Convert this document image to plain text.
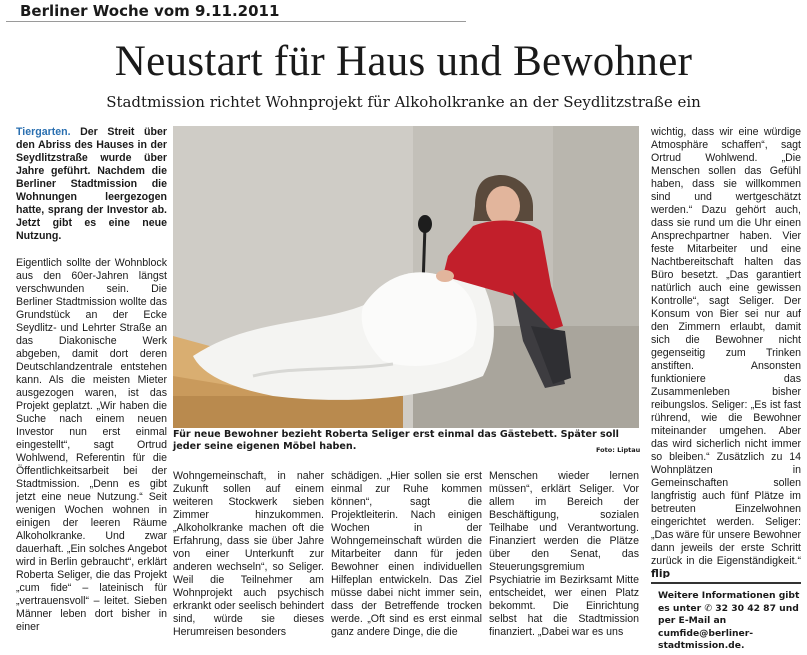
Berliner Woche vom 9.11.2011
Neustart für Haus und Bewohner
Stadtmission richtet Wohnprojekt für Alkoholkranke an der Seydlitzstraße ein

Tiergarten. Der Streit über den Abriss des Hauses in der Seydlitzstraße wurde über Jahre geführt. Nachdem die Berliner Stadtmission die Wohnungen leergezogen hatte, sprang der Investor ab. Jetzt gibt es eine neue Nutzung.

Eigentlich sollte der Wohnblock aus den 60er-Jahren längst verschwunden sein. Die Berliner Stadtmission wollte das Grundstück an der Ecke Seydlitz- und Lehrter Straße an das Diakonische Werk abgeben, damit dort deren Deutschlandzentrale entstehen kann. Als die meisten Mieter ausgezogen waren, ist das Projekt geplatzt. „Wir haben die Suche nach einem neuen Investor nun erst einmal eingestellt“, sagt Ortrud Wohlwend, Referentin für die Öffentlichkeitsarbeit bei der Stadtmission. „Denn es gibt jetzt eine neue Nutzung.“ Seit wenigen Wochen wohnen in einigen der leeren Räume Alkoholkranke. Und zwar dauerhaft. „Ein solches Angebot wird in Berlin gebraucht“, erklärt Roberta Seliger, die das Projekt „cum fide“ – lateinisch für „vertrauensvoll“ – leitet. Sieben Männer leben dort bisher in einer

Für neue Bewohner bezieht Roberta Seliger erst einmal das Gästebett. Später soll jeder seine eigenen Möbel haben.	Foto: Liptau

Wohngemeinschaft, in naher Zukunft sollen auf einem weiteren Stockwerk sieben Zimmer hinzukommen. „Alkoholkranke machen oft die Erfahrung, dass sie über Jahre von einer Unterkunft zur anderen wechseln“, so Seliger. Weil die Teilnehmer am Wohnprojekt auch psychisch erkrankt oder seelisch behindert sind, würde sie dieses Herumreisen besonders

schädigen. „Hier sollen sie erst einmal zur Ruhe kommen können“, sagt die Projektleiterin. Nach einigen Wochen in der Wohngemeinschaft würden die Mitarbeiter dann für jeden Bewohner einen individuellen Hilfeplan entwickeln. Das Ziel müsse dabei nicht immer sein, dass der Betreffende trocken werde. „Oft sind es erst einmal ganz andere Dinge, die die

Menschen wieder lernen müssen“, erklärt Seliger. Vor allem im Bereich der Beschäftigung, sozialen Teilhabe und Verantwortung. Finanziert werden die Plätze über den Senat, das Steuerungsgremium Psychiatrie im Bezirksamt Mitte entscheidet, wer einen Platz bekommt. Die Einrichtung selbst hat die Stadtmission finanziert. „Dabei war es uns

wichtig, dass wir eine würdige Atmosphäre schaffen“, sagt Ortrud Wohlwend. „Die Menschen sollen das Gefühl haben, dass sie willkommen sind und wertgeschätzt werden.“ Dazu gehört auch, dass sie rund um die Uhr einen Ansprechpartner haben. Vier feste Mitarbeiter und eine Nachtbereitschaft halten das Büro besetzt. „Das garantiert natürlich auch eine gewissen Kontrolle“, sagt Seliger. Der Konsum von Bier sei nur auf den Zimmern erlaubt, damit sich die Bewohner nicht gegenseitig zum Trinken anstiften. Ansonsten funktioniere das Zusammenleben bisher reibungslos. Seliger: „Es ist fast rührend, wie die Bewohner miteinander umgehen. Aber das wird sicherlich nicht immer so bleiben.“ Zusätzlich zu 14 Wohnplätzen in Gemeinschaften sollen langfristig auch fünf Plätze im betreuten Einzelwohnen eingerichtet werden. Seliger: „Das wäre für unsere Bewohner dann jeweils der erste Schritt zurück in die Eigenständigkeit.“ flip

Weitere Informationen gibt es unter ✆ 32 30 42 87 und per E-Mail an cumfide@berliner-stadtmission.de.
